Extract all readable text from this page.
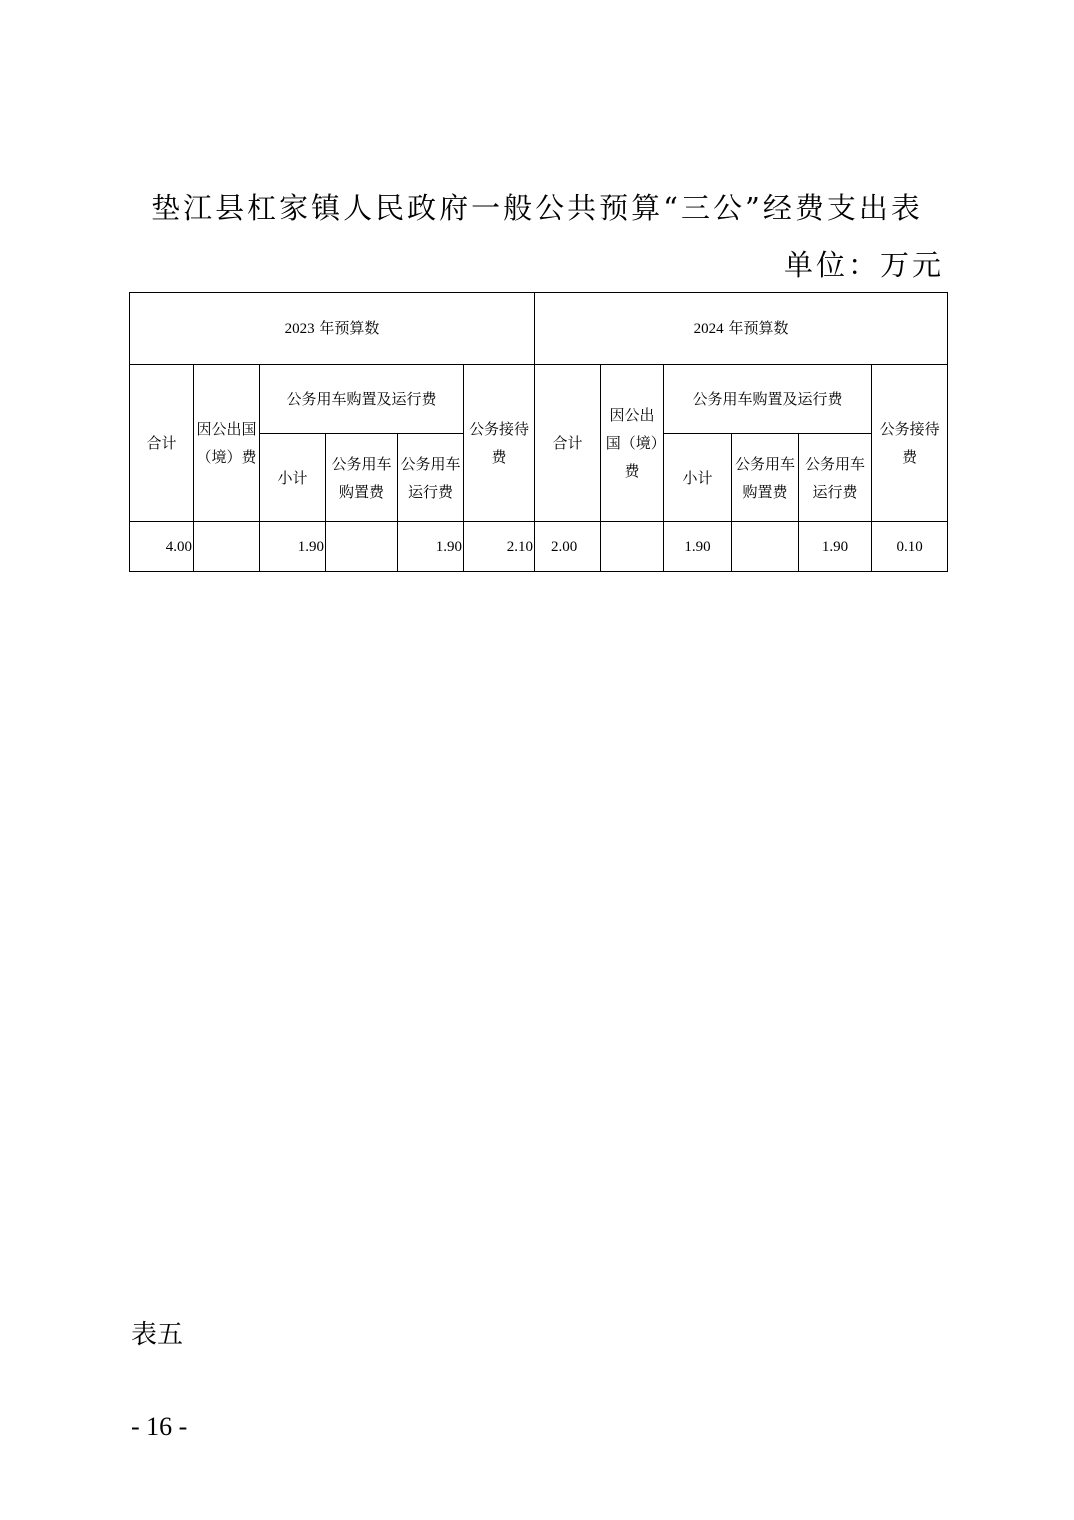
垫江县杠家镇人民政府一般公共预算“三公”经费支出表
单位：万元
2023 年预算数						2024 年预算数					
合计	因公出国（境）费	公务用车购置及运行费			公务接待费	合计	因公出国（境）费	公务用车购置及运行费			公务接待费
		小计	公务用车购置费	公务用车运行费				小计	公务用车购置费	公务用车运行费	
4.00		1.90		1.90	2.10	2.00		1.90		1.90	0.10
表五
- 16 -
